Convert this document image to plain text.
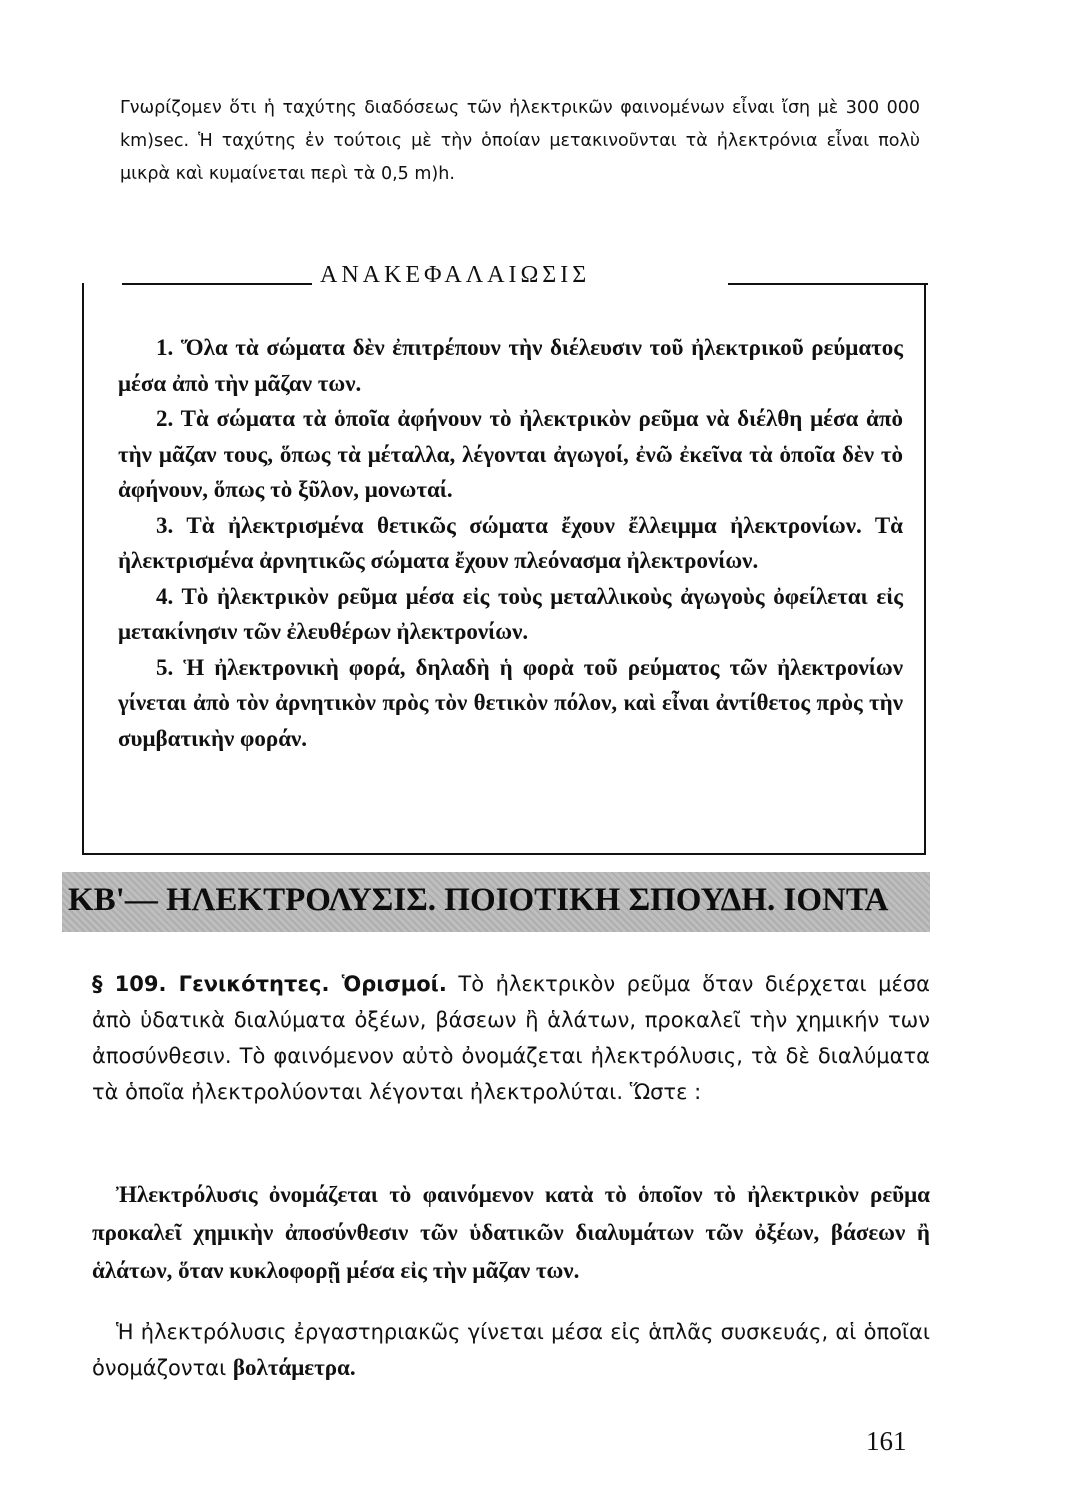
Γνωρίζομεν ὅτι ἡ ταχύτης διαδόσεως τῶν ἠλεκτρικῶν φαινομένων εἶναι ἴση μὲ 300 000 km)sec. Ἡ ταχύτης ἐν τούτοις μὲ τὴν ὁποίαν μετακινοῦνται τὰ ἠλεκτρόνια εἶναι πολὺ μικρὰ καὶ κυμαίνεται περὶ τὰ 0,5 m)h.

ΑΝΑΚΕΦΑΛΑΙΩΣΙΣ
1. Ὅλα τὰ σώματα δὲν ἐπιτρέπουν τὴν διέλευσιν τοῦ ἠλεκτρικοῦ ρεύματος μέσα ἀπὸ τὴν μᾶζαν των.
2. Τὰ σώματα τὰ ὁποῖα ἀφήνουν τὸ ἠλεκτρικὸν ρεῦμα νὰ διέλθη μέσα ἀπὸ τὴν μᾶζαν τους, ὅπως τὰ μέταλλα, λέγονται ἀγωγοί, ἐνῶ ἐκεῖνα τὰ ὁποῖα δὲν τὸ ἀφήνουν, ὅπως τὸ ξῦλον, μονωταί.
3. Τὰ ἠλεκτρισμένα θετικῶς σώματα ἔχουν ἔλλειμμα ἠλεκτρονίων. Τὰ ἠλεκτρισμένα ἀρνητικῶς σώματα ἔχουν πλεόνασμα ἠλεκτρονίων.
4. Τὸ ἠλεκτρικὸν ρεῦμα μέσα εἰς τοὺς μεταλλικοὺς ἀγωγοὺς ὀφείλεται εἰς μετακίνησιν τῶν ἐλευθέρων ἠλεκτρονίων.
5. Ἡ ἠλεκτρονικὴ φορά, δηλαδὴ ἡ φορὰ τοῦ ρεύματος τῶν ἠλεκτρονίων γίνεται ἀπὸ τὸν ἀρνητικὸν πρὸς τὸν θετικὸν πόλον, καὶ εἶναι ἀντίθετος πρὸς τὴν συμβατικὴν φοράν.
ΚΒ'— ΗΛΕΚΤΡΟΛΥΣΙΣ. ΠΟΙΟΤΙΚΗ ΣΠΟΥΔΗ. ΙΟΝΤΑ

§ 109. Γενικότητες. Ὁρισμοί. Τὸ ἠλεκτρικὸν ρεῦμα ὅταν διέρχεται μέσα ἀπὸ ὑδατικὰ διαλύματα ὀξέων, βάσεων ἢ ἁλάτων, προκαλεῖ τὴν χημικήν των ἀποσύνθεσιν. Τὸ φαινόμενον αὐτὸ ὀνομάζεται ἠλεκτρόλυσις, τὰ δὲ διαλύματα τὰ ὁποῖα ἠλεκτρολύονται λέγονται ἠλεκτρολύται. Ὥστε :

Ἠλεκτρόλυσις ὀνομάζεται τὸ φαινόμενον κατὰ τὸ ὁποῖον τὸ ἠλεκτρικὸν ρεῦμα προκαλεῖ χημικὴν ἀποσύνθεσιν τῶν ὑδατικῶν διαλυμάτων τῶν ὀξέων, βάσεων ἢ ἁλάτων, ὅταν κυκλοφορῇ μέσα εἰς τὴν μᾶζαν των.

Ἡ ἠλεκτρόλυσις ἐργαστηριακῶς γίνεται μέσα εἰς ἁπλᾶς συσκευάς, αἱ ὁποῖαι ὀνομάζονται βολτάμετρα.

161
